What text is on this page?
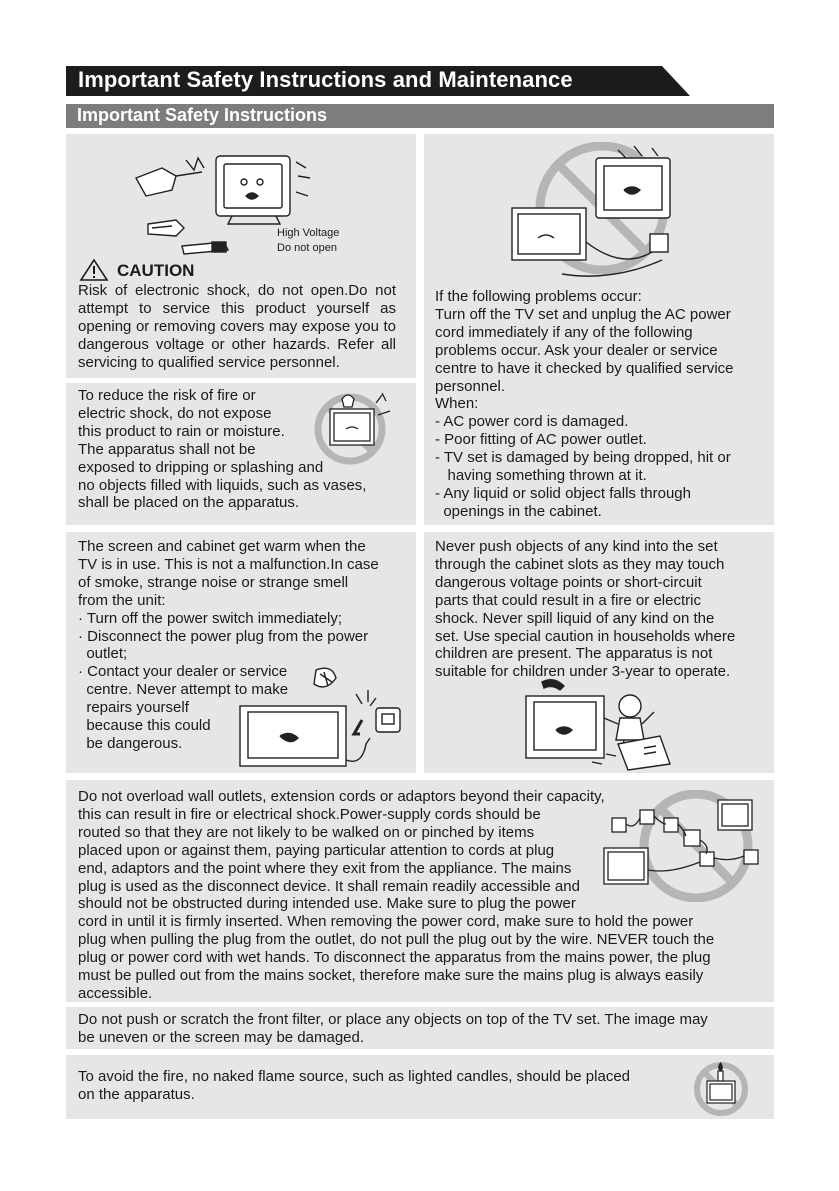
Important Safety Instructions and Maintenance
Important Safety Instructions
High Voltage
Do not open
CAUTION
Risk of electronic shock, do not open.Do not attempt to service this product yourself as opening or removing covers may expose you to dangerous voltage or other hazards. Refer all servicing to qualified service personnel.
If the following problems occur:
Turn off the TV set and unplug the AC power
cord immediately if any of the following
problems occur. Ask your dealer or service
centre to have it checked by qualified service
personnel.
When:
- AC power cord is damaged.
- Poor fitting of AC power outlet.
- TV set is damaged by being dropped, hit or
having something thrown at it.
- Any liquid or solid object falls through
openings in the cabinet.
To reduce the risk of fire or
electric shock, do not expose
this product to rain or moisture.
The apparatus shall not be
exposed to dripping or splashing and
no objects filled with liquids, such as vases,
shall be placed on the apparatus.
The screen and cabinet get warm when the
TV is in use. This is not a malfunction.In case
of smoke, strange noise or strange smell
from the unit:
· Turn off the power switch immediately;
· Disconnect the power plug from the power
outlet;
· Contact your dealer or service
centre. Never attempt to make
repairs yourself
because this could
be dangerous.
Never push objects of any kind into the set
through the cabinet slots as they may touch
dangerous voltage points or short-circuit
parts that could result in a fire or electric
shock. Never spill liquid of any kind on the
set. Use special caution in households where
children are present. The apparatus is not
suitable for children under 3-year to operate.
Do not overload wall outlets, extension cords or adaptors beyond their capacity,
this can result in fire or electrical shock.Power-supply cords should be
routed so that they are not likely to be walked on or pinched by items
placed upon or against them, paying particular attention to cords at plug
end, adaptors and the point where they exit from the appliance. The mains
plug is used as the disconnect device. It shall remain readily accessible and
should not be obstructed during intended use. Make sure to plug the power
cord in until it is firmly inserted. When removing the power cord, make sure to hold the power
plug when pulling the plug from the outlet, do not pull the plug out by the wire. NEVER touch the
plug or power cord with wet hands. To disconnect the apparatus from the mains power, the plug
must be pulled out from the mains socket, therefore make sure the mains plug is always easily
accessible.
Do not push or scratch the front filter, or place any objects on top of the TV set. The image may
be uneven or the screen may be damaged.
To avoid the fire, no naked flame source, such as lighted candles, should be placed
on the apparatus.
